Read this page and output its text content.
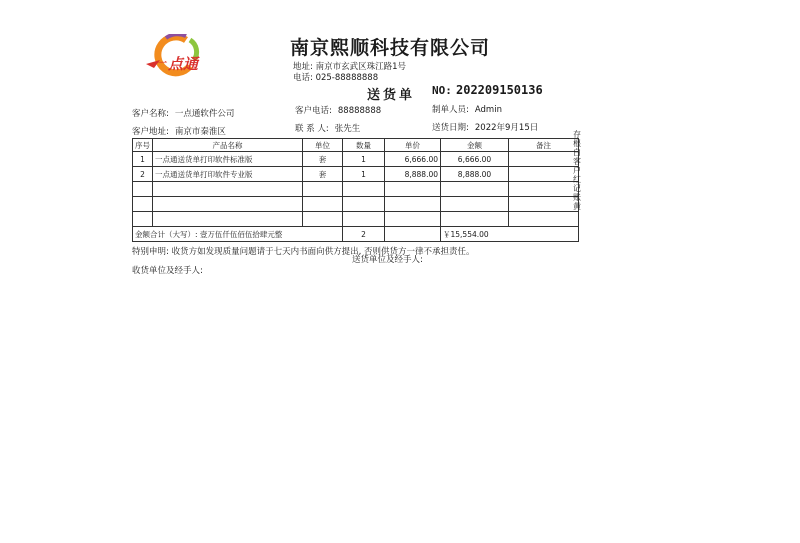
一 点通
南京熙顺科技有限公司
地址: 南京市玄武区珠江路1号
电话: 025-88888888
送货单 NO: 202209150136
客户名称: 一点通软件公司	客户电话: 88888888	制单人员: Admin
客户地址: 南京市秦淮区	联 系 人: 张先生	送货日期: 2022年9月15日
序号	产品名称	单位	数量	单价	金额	备注
1	一点通送货单打印软件标准版	套	1	6,666.00	6,666.00	
2	一点通送货单打印软件专业版	套	1	8,888.00	8,888.00	

金额合计（大写）: 壹万伍仟伍佰伍拾肆元整			2		￥15,554.00	
存根白客户红记账黄
特别申明: 收货方如发现质量问题请于七天内书面向供方提出, 否则供货方一律不承担责任。
收货单位及经手人:
送货单位及经手人:
